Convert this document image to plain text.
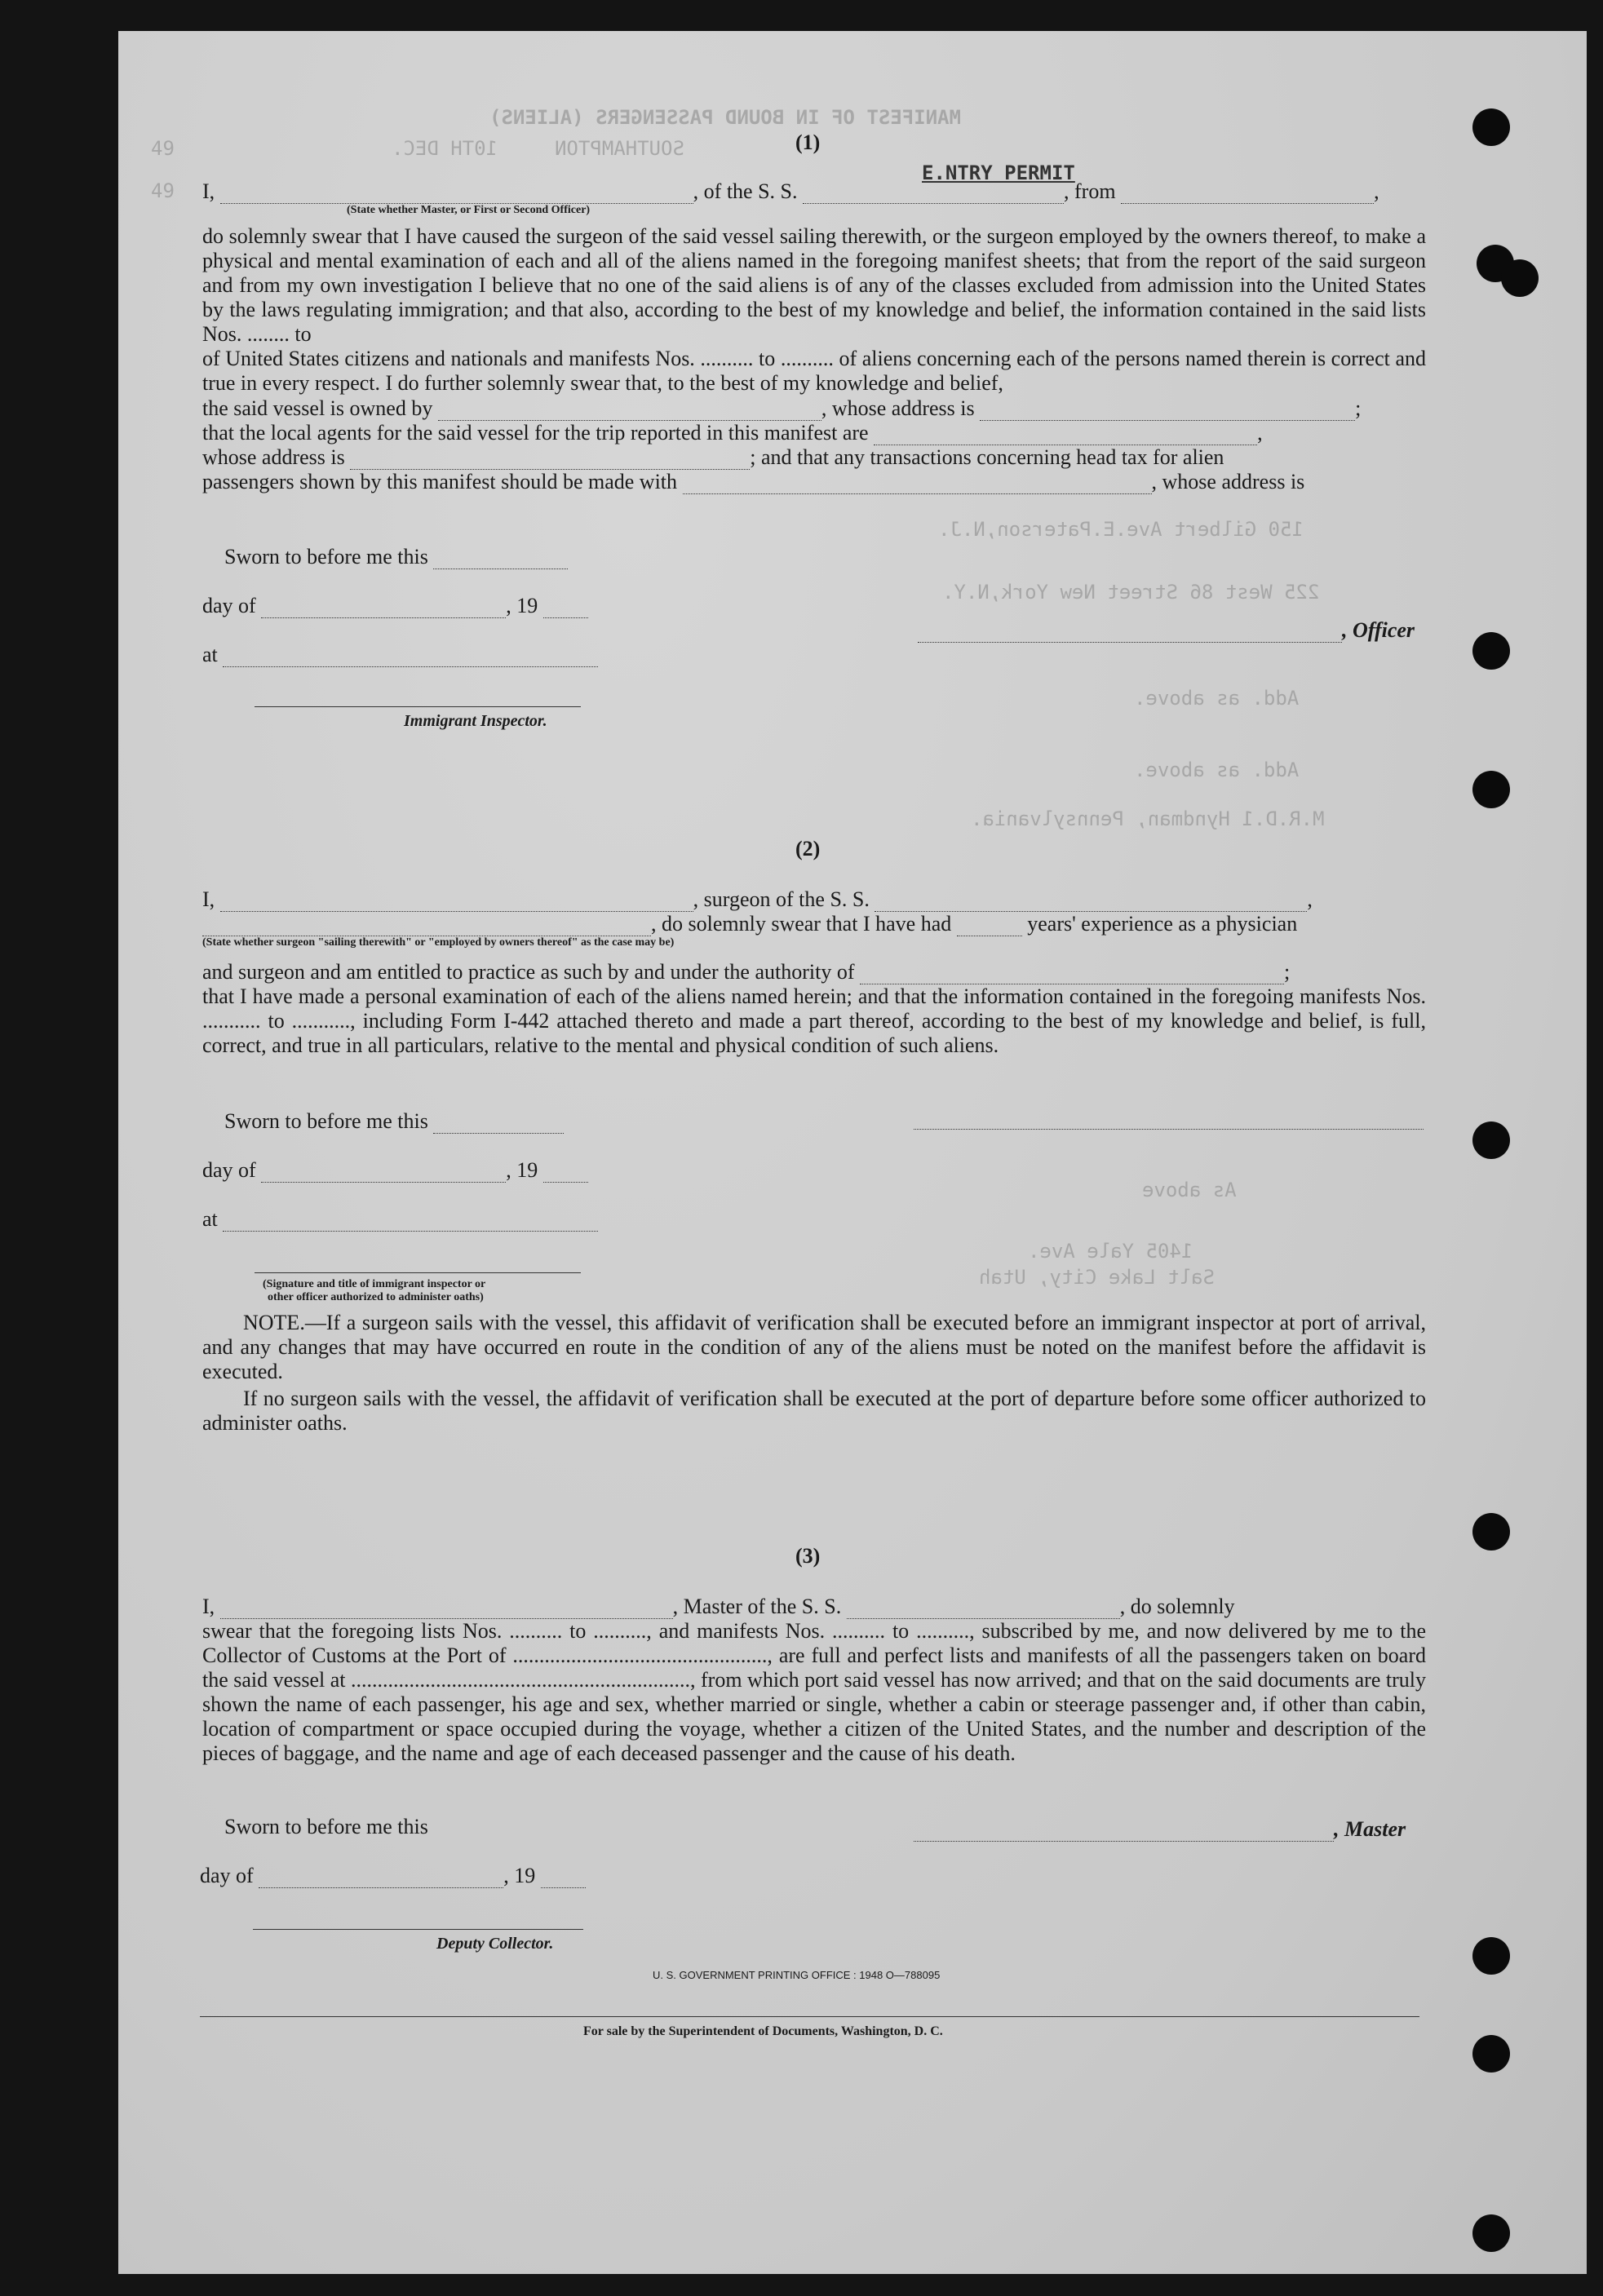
MANIFEST OF IN BOUND PASSENGERS (ALIENS)
SOUTHAMPTON
10TH DEC.
49
49
E.NTRY PERMIT
150 Gilbert Ave.E.Paterson,N.J.
225 West 86 Street New York,N.Y.
Add. as above.
Add. as above.
M.R.D.1 Hyndman, Pennsylvania.
As above
1405 Yale Ave.
Salt Lake City, Utah
(1)
I,	, of the S. S.	, from	,
(State whether Master, or First or Second Officer)
do solemnly swear that I have caused the surgeon of the said vessel sailing therewith, or the surgeon employed by the owners thereof, to make a physical and mental examination of each and all of the aliens named in the foregoing manifest sheets; that from the report of the said surgeon and from my own investigation I believe that no one of the said aliens is of any of the classes excluded from admission into the United States by the laws regulating immigration; and that also, according to the best of my knowledge and belief, the information contained in the said lists Nos. ........ to
of United States citizens and nationals and manifests Nos. .......... to .......... of aliens concerning each of the persons named therein is correct and true in every respect. I do further solemnly swear that, to the best of my knowledge and belief,
the said vessel is owned by	, whose address is	;
that the local agents for the said vessel for the trip reported in this manifest are	,
whose address is	; and that any transactions concerning head tax for alien
passengers shown by this manifest should be made with	, whose address is
Sworn to before me this
day of	, 19
at
Immigrant Inspector.
, Officer
(2)
I,	, surgeon of the S. S.	,
, do solemnly swear that I have had	years' experience as a physician
(State whether surgeon "sailing therewith" or "employed by owners thereof" as the case may be)
and surgeon and am entitled to practice as such by and under the authority of	;
that I have made a personal examination of each of the aliens named herein; and that the information contained in the foregoing manifests Nos. ........... to ..........., including Form I-442 attached thereto and made a part thereof, according to the best of my knowledge and belief, is full, correct, and true in all particulars, relative to the mental and physical condition of such aliens.
Sworn to before me this
day of	, 19
at
(Signature and title of immigrant inspector or
other officer authorized to administer oaths)
NOTE.—If a surgeon sails with the vessel, this affidavit of verification shall be executed before an immigrant inspector at port of arrival, and any changes that may have occurred en route in the condition of any of the aliens must be noted on the manifest before the affidavit is executed.
If no surgeon sails with the vessel, the affidavit of verification shall be executed at the port of departure before some officer authorized to administer oaths.
(3)
I,	, Master of the S. S.	, do solemnly
swear that the foregoing lists Nos. .......... to .........., and manifests Nos. .......... to .........., subscribed by me, and now delivered by me to the Collector of Customs at the Port of ................................................, are full and perfect lists and manifests of all the passengers taken on board the said vessel at ................................................................, from which port said vessel has now arrived; and that on the said documents are truly shown the name of each passenger, his age and sex, whether married or single, whether a cabin or steerage passenger and, if other than cabin, location of compartment or space occupied during the voyage, whether a citizen of the United States, and the number and description of the pieces of baggage, and the name and age of each deceased passenger and the cause of his death.
Sworn to before me this	, Master
day of	, 19
Deputy Collector.
U. S. GOVERNMENT PRINTING OFFICE : 1948 O—788095
For sale by the Superintendent of Documents, Washington, D. C.
